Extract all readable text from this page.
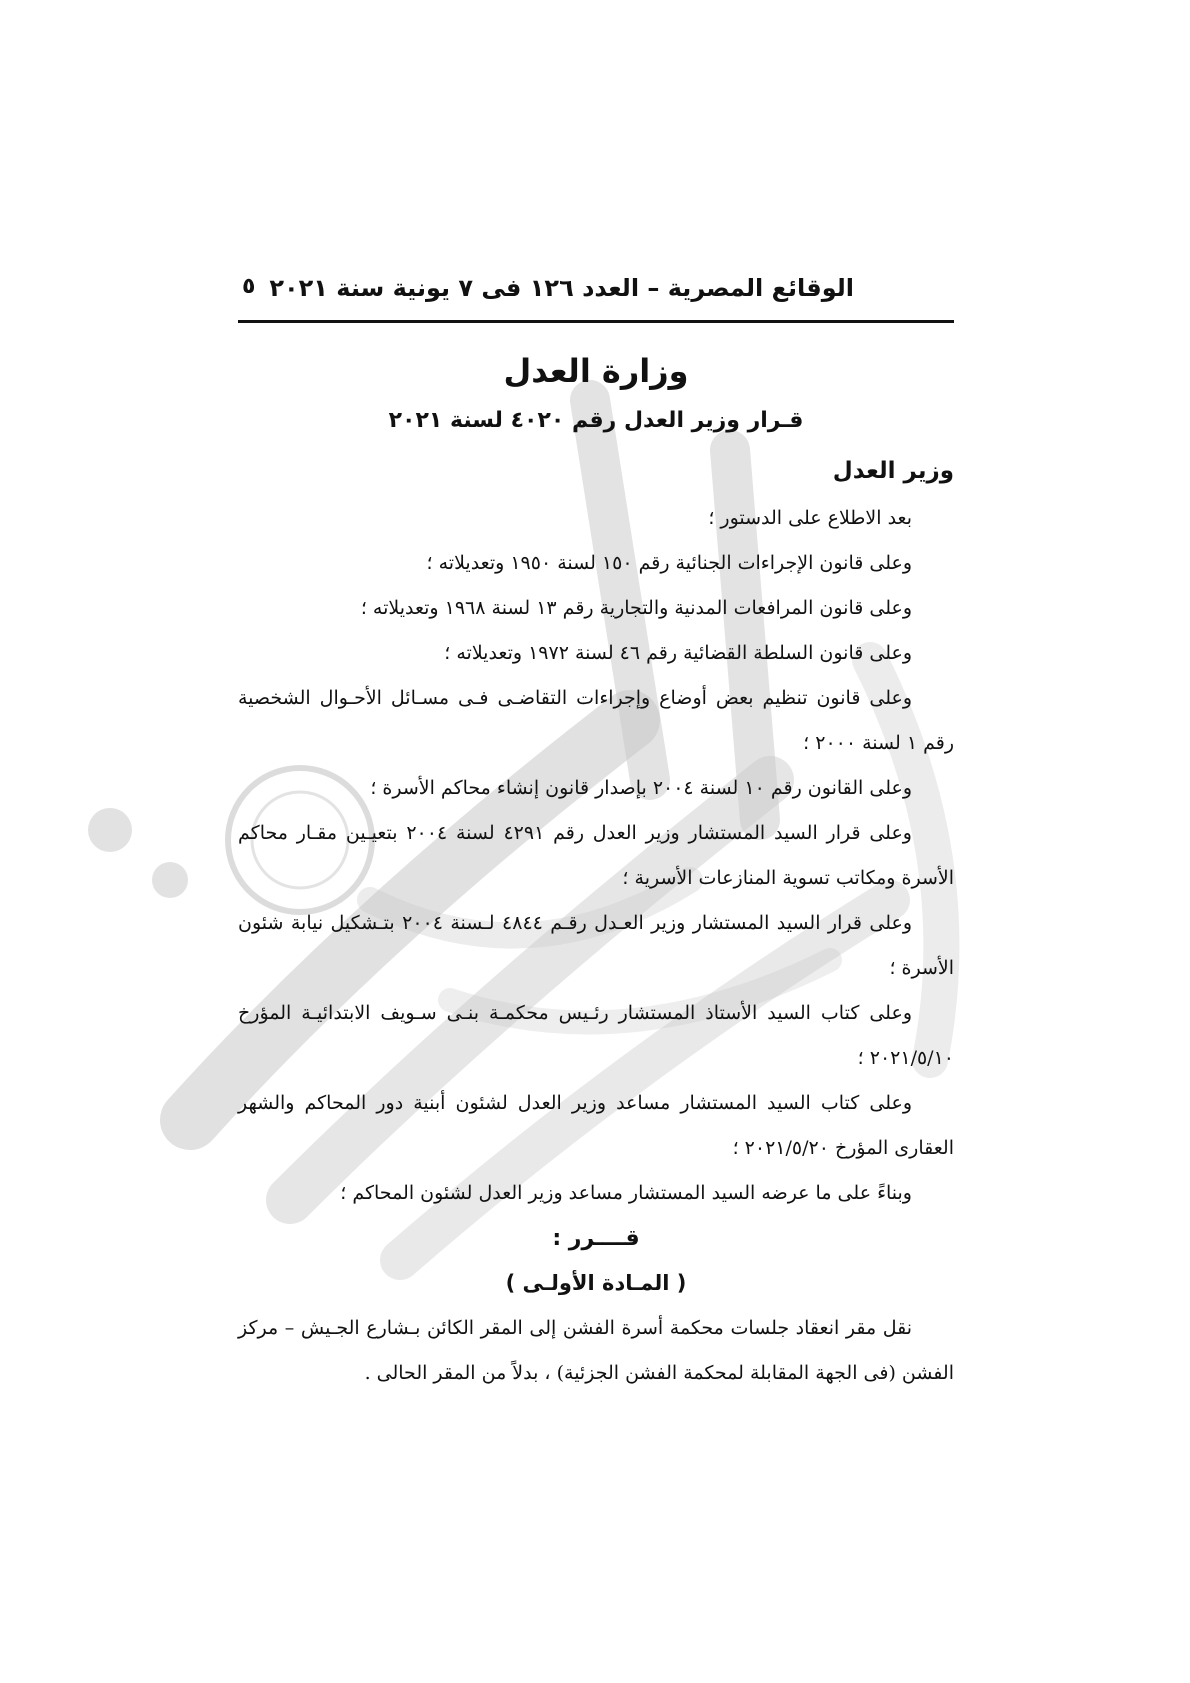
الوقائع المصرية – العدد ١٢٦ فى ٧ يونية سنة ٢٠٢١
٥
وزارة العدل
قـرار وزير العدل رقم ٤٠٢٠ لسنة ٢٠٢١
وزير العدل

بعد الاطلاع على الدستور ؛

وعلى قانون الإجراءات الجنائية رقم ١٥٠ لسنة ١٩٥٠ وتعديلاته ؛

وعلى قانون المرافعات المدنية والتجارية رقم ١٣ لسنة ١٩٦٨ وتعديلاته ؛

وعلى قانون السلطة القضائية رقم ٤٦ لسنة ١٩٧٢ وتعديلاته ؛

وعلى قانون تنظيم بعض أوضاع وإجراءات التقاضـى فـى مسـائل الأحـوال الشخصية رقم ١ لسنة ٢٠٠٠ ؛

وعلى القانون رقم ١٠ لسنة ٢٠٠٤ بإصدار قانون إنشاء محاكم الأسرة ؛

وعلى قرار السيد المستشار وزير العدل رقم ٤٢٩١ لسنة ٢٠٠٤ بتعيـين مقـار محاكم الأسرة ومكاتب تسوية المنازعات الأسرية ؛

وعلى قرار السيد المستشار وزير العـدل رقـم ٤٨٤٤ لـسنة ٢٠٠٤ بتـشكيل نيابة شئون الأسرة ؛

وعلى كتاب السيد الأستاذ المستشار رئـيس محكمـة بنـى سـويف الابتدائيـة المؤرخ ٢٠٢١/٥/١٠ ؛

وعلى كتاب السيد المستشار مساعد وزير العدل لشئون أبنية دور المحاكم والشهر العقارى المؤرخ ٢٠٢١/٥/٢٠ ؛

وبناءً على ما عرضه السيد المستشار مساعد وزير العدل لشئون المحاكم ؛

قــــرر :

( المـادة الأولـى )

نقل مقر انعقاد جلسات محكمة أسرة الفشن إلى المقر الكائن بـشارع الجـيش – مركز الفشن (فى الجهة المقابلة لمحكمة الفشن الجزئية) ، بدلاً من المقر الحالى .
